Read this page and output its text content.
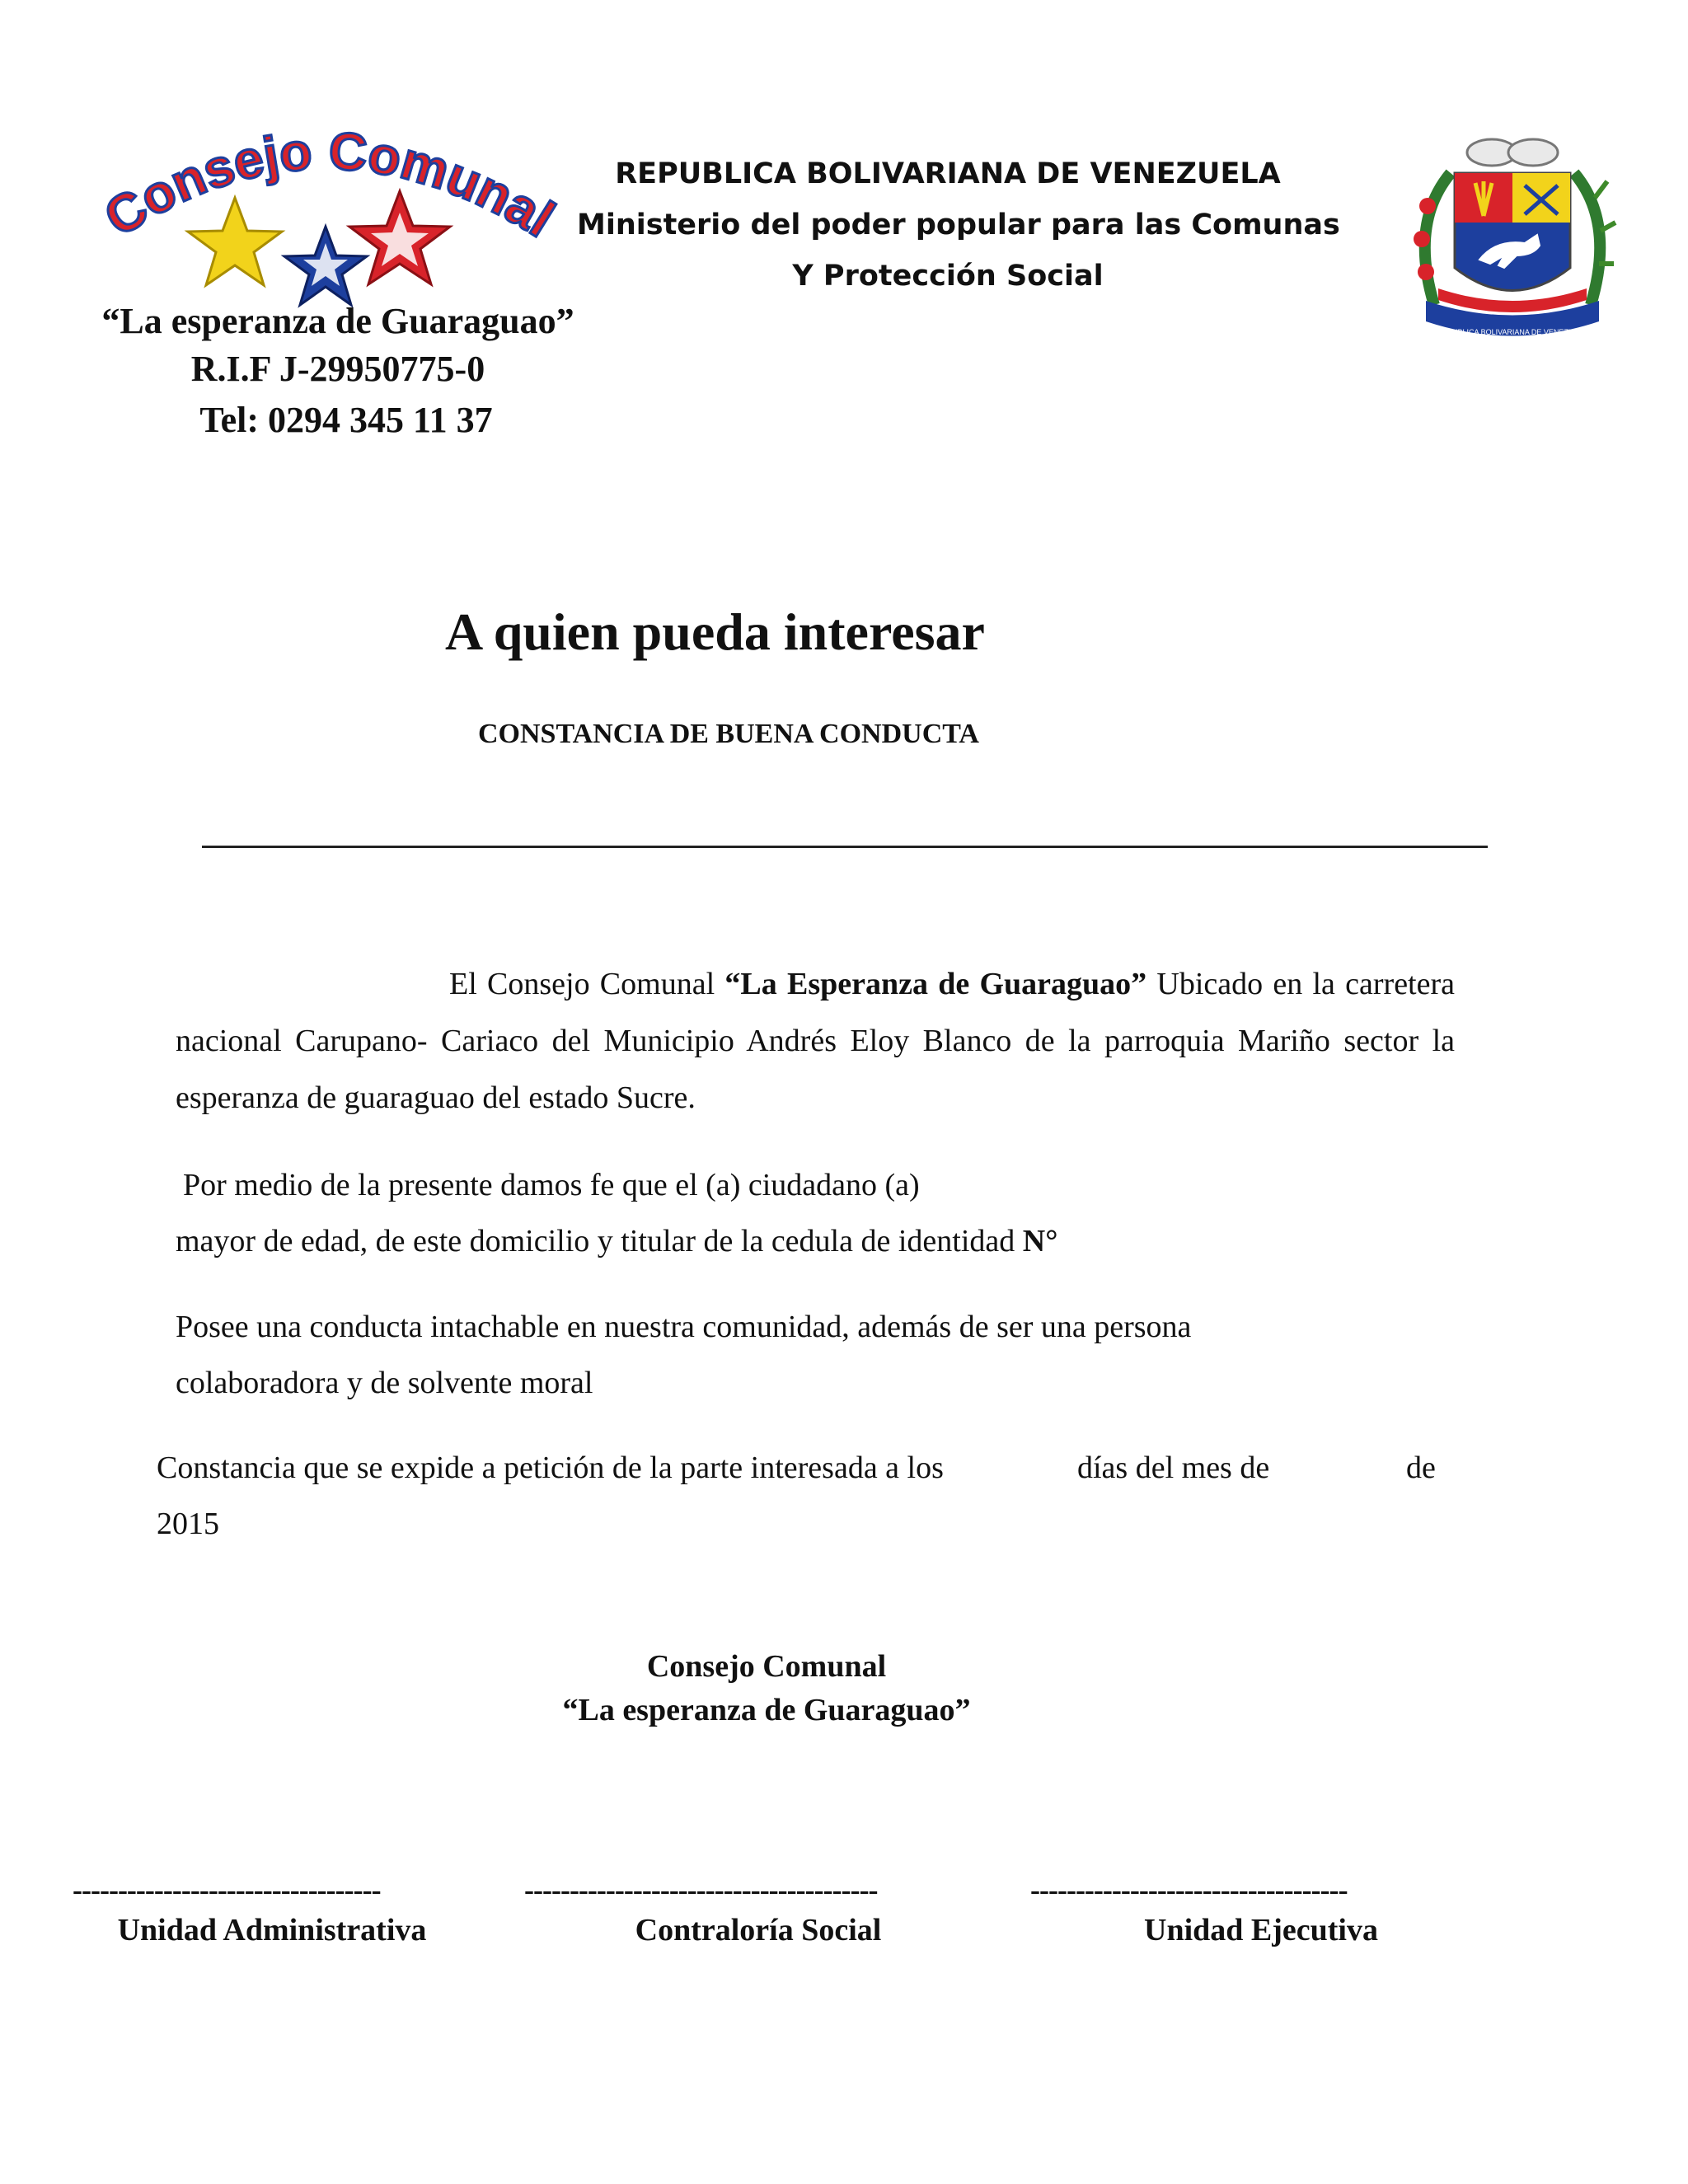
Consejo Comunal
“La esperanza de Guaraguao”
R.I.F J-29950775-0
Tel: 0294 345 11 37
REPUBLICA BOLIVARIANA DE VENEZUELA
Ministerio del poder popular para las Comunas
Y Protección Social
REPUBLICA BOLIVARIANA DE VENEZUELA
A quien pueda interesar
CONSTANCIA DE BUENA CONDUCTA
El Consejo Comunal “La Esperanza de Guaraguao” Ubicado en la carretera nacional Carupano- Cariaco del Municipio Andrés Eloy Blanco de la parroquia Mariño sector la esperanza de guaraguao del estado Sucre.
Por medio de la presente damos fe que el (a) ciudadano (a)
mayor de edad, de este domicilio y titular de la cedula de identidad N°
Posee una conducta intachable en nuestra comunidad, además de ser una persona
colaboradora y de solvente moral
Constancia que se expide a petición de la parte interesada a los	días del mes de	de
2015
Consejo Comunal
“La esperanza de Guaraguao”
----------------------------------	---------------------------------------	-----------------------------------
Unidad Administrativa	Contraloría Social	Unidad Ejecutiva
